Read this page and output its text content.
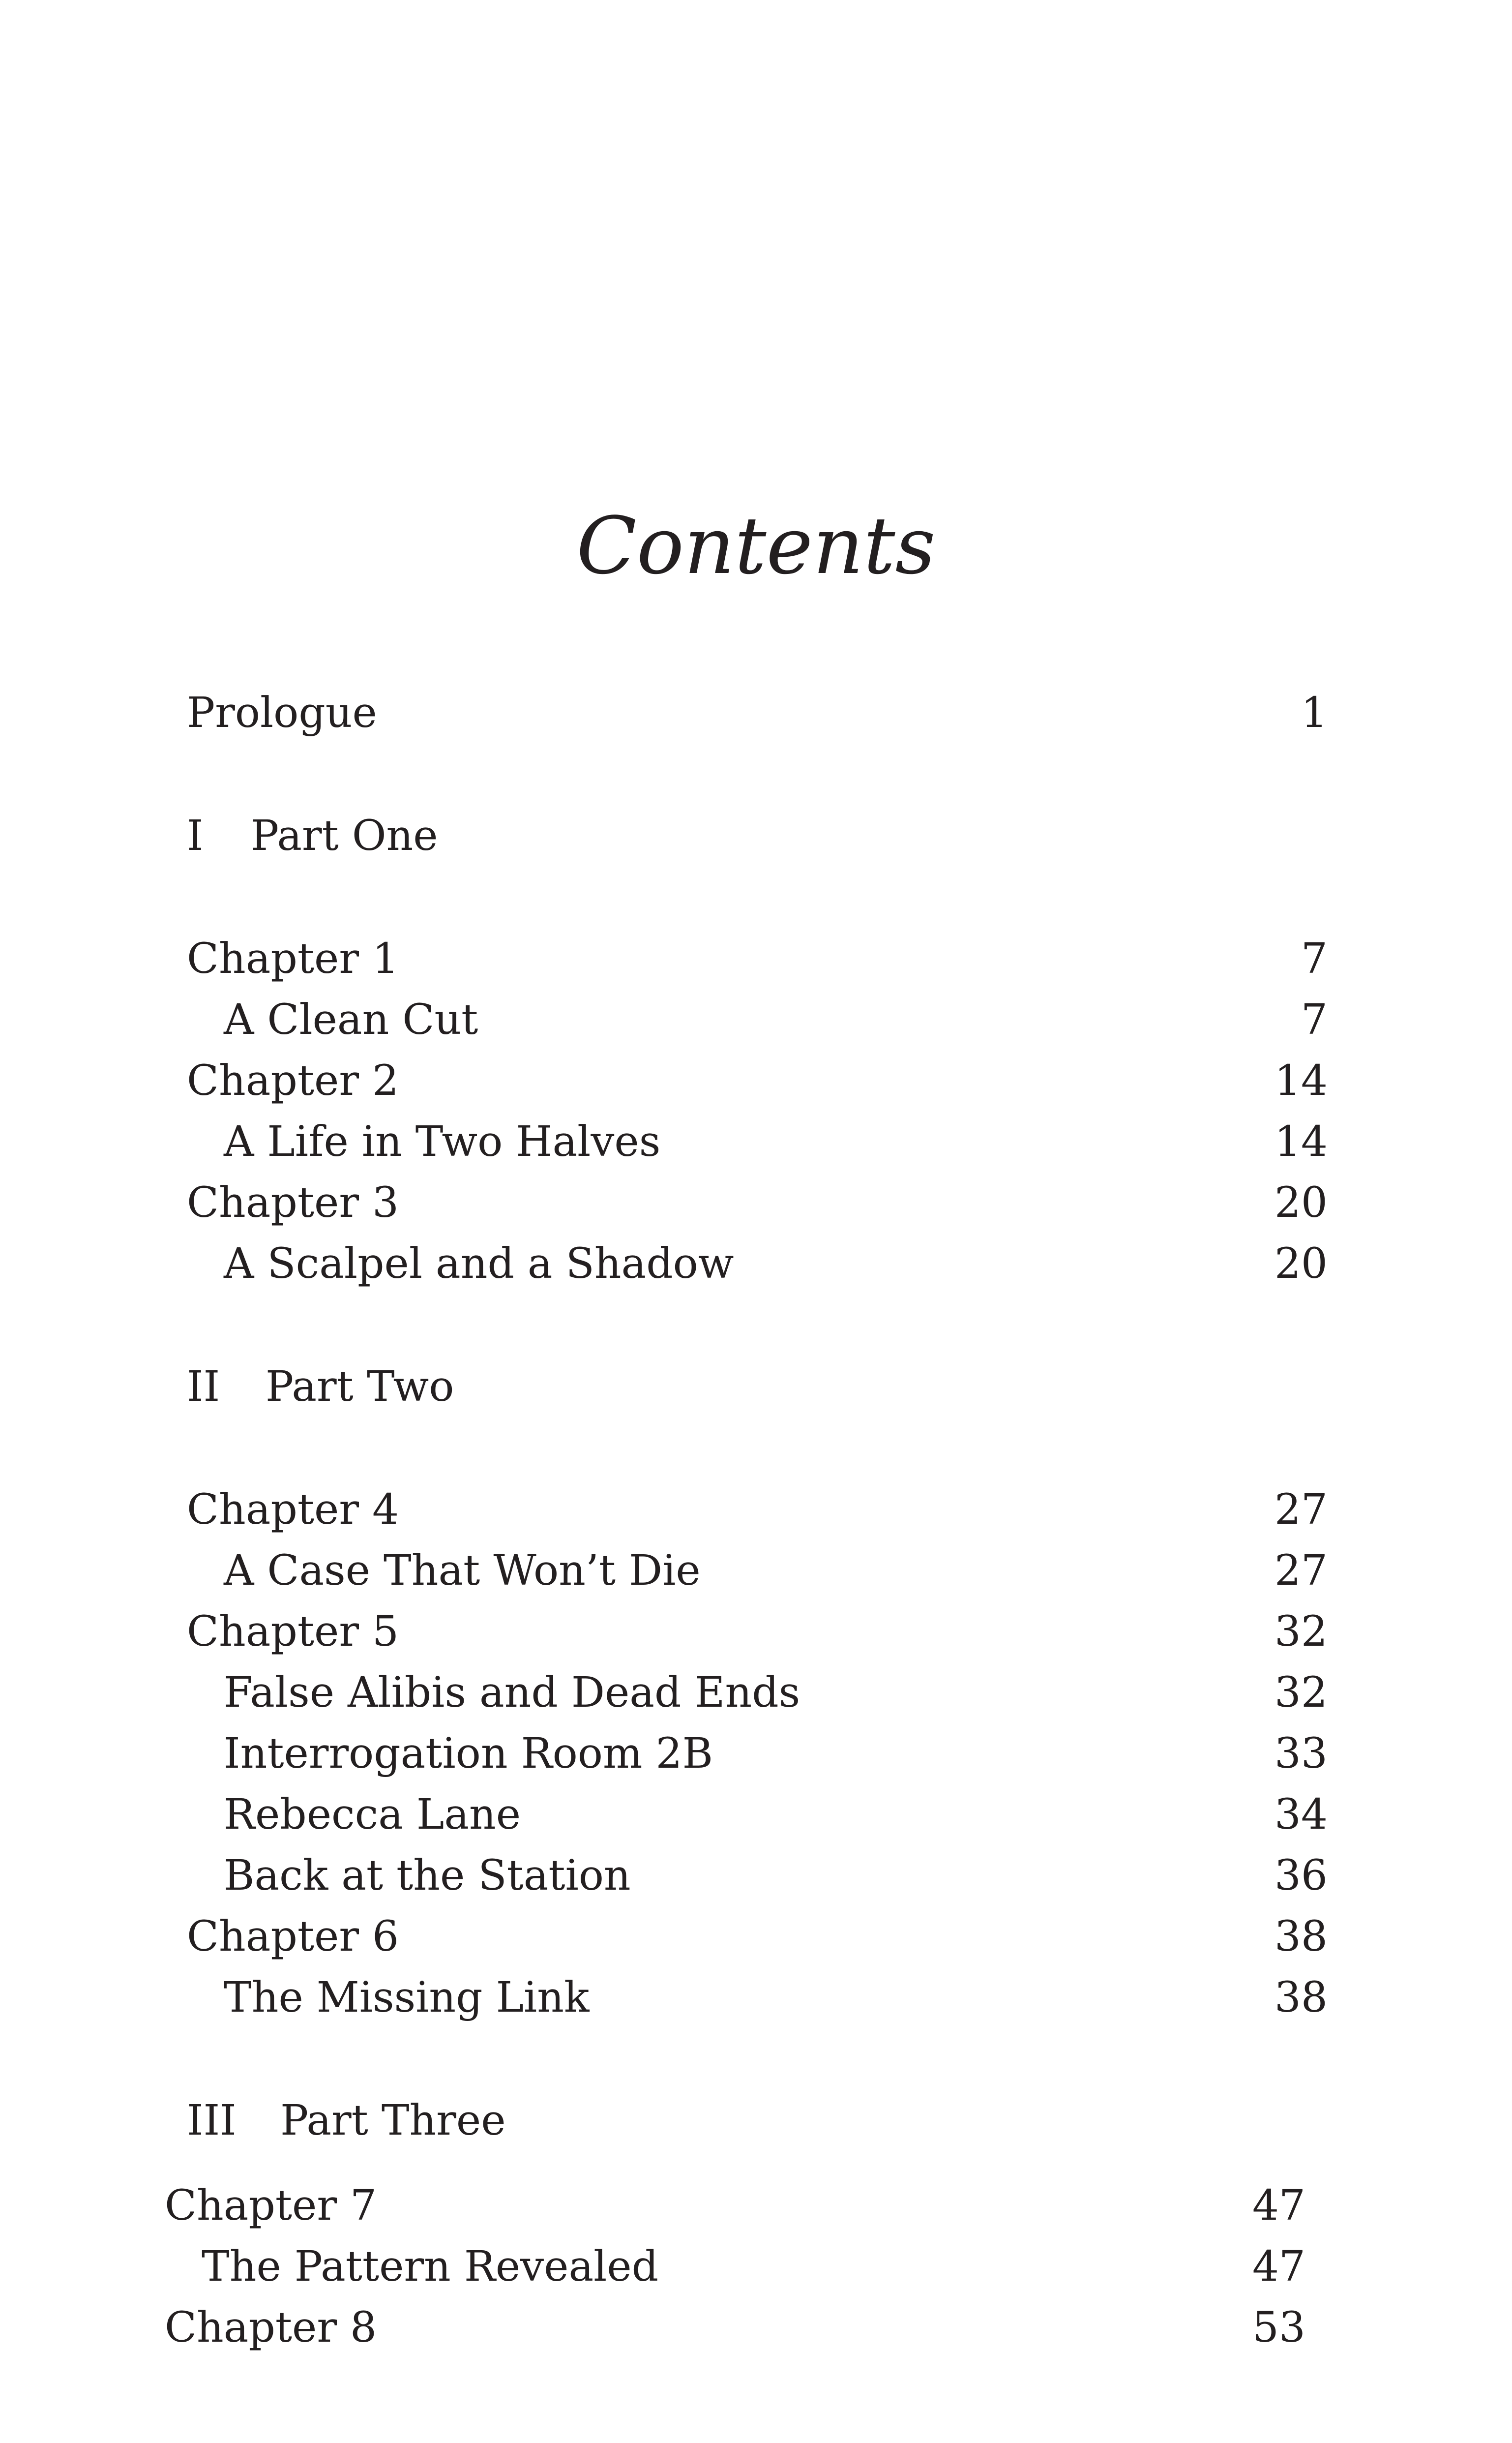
Contents
Prologue	1
I Part One
Chapter 1	7
A Clean Cut	7
Chapter 2	14
A Life in Two Halves	14
Chapter 3	20
A Scalpel and a Shadow	20
II Part Two
Chapter 4	27
A Case That Won’t Die	27
Chapter 5	32
False Alibis and Dead Ends	32
Interrogation Room 2B	33
Rebecca Lane	34
Back at the Station	36
Chapter 6	38
The Missing Link	38
III Part Three
Chapter 7	47
The Pattern Revealed	47
Chapter 8	53
